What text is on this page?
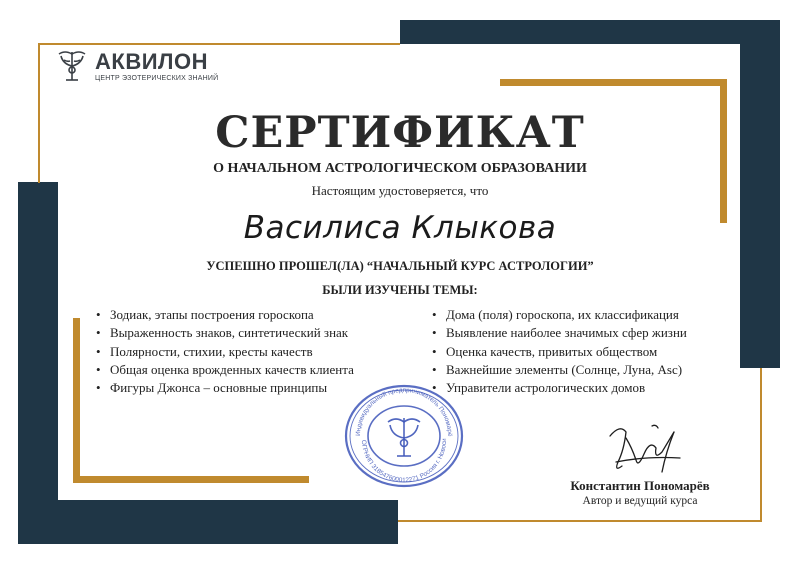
АКВИЛОН
ЦЕНТР ЭЗОТЕРИЧЕСКИХ ЗНАНИЙ
СЕРТИФИКАТ
О НАЧАЛЬНОМ АСТРОЛОГИЧЕСКОМ ОБРАЗОВАНИИ
Настоящим удостоверяется, что
Василиса Клыкова
УСПЕШНО ПРОШЕЛ(ЛА) “НАЧАЛЬНЫЙ КУРС АСТРОЛОГИИ”
БЫЛИ ИЗУЧЕНЫ ТЕМЫ:
• Зодиак, этапы построения гороскопа
• Выраженность знаков, синтетический знак
• Полярности, стихии, кресты качеств
• Общая оценка врожденных качеств клиента
• Фигуры Джонса – основные принципы
• Дома (поля) гороскопа, их классификация
• Выявление наиболее значимых сфер жизни
• Оценка качеств, привитых обществом
• Важнейшие элементы (Солнце, Луна, Asc)
• Управители астрологических домов
Индивидуальный предприниматель Пономарё
ОГРНИП 318547600012271 Россия г. Новоси
Константин Пономарёв
Автор и ведущий курса
